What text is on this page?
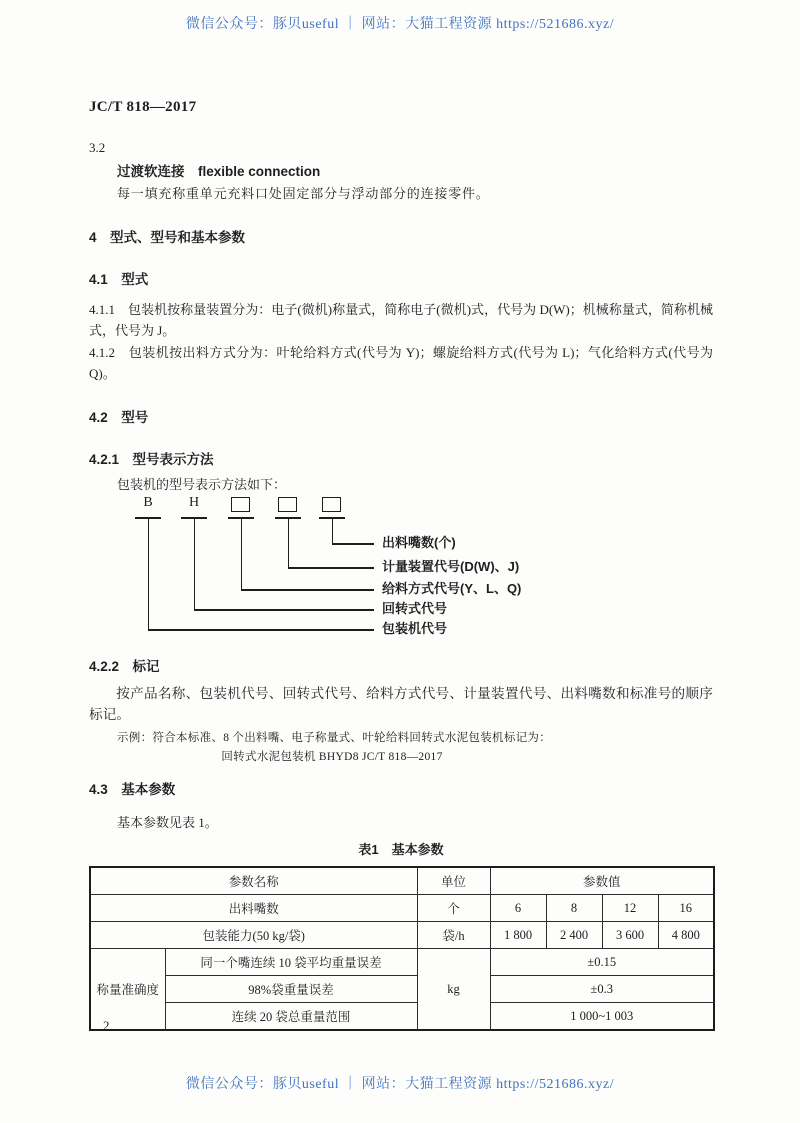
微信公众号：豚贝useful ｜ 网站：大猫工程资源 https://521686.xyz/
JC/T 818—2017
3.2
过渡软连接　flexible connection
每一填充称重单元充料口处固定部分与浮动部分的连接零件。
4　型式、型号和基本参数
4.1　型式
4.1.1　包装机按称量装置分为：电子(微机)称量式，简称电子(微机)式，代号为 D(W)；机械称量式，简称机械式，代号为 J。
4.1.2　包装机按出料方式分为：叶轮给料方式(代号为 Y)；螺旋给料方式(代号为 L)；气化给料方式(代号为 Q)。
4.2　型号
4.2.1　型号表示方法
包装机的型号表示方法如下：
B	H
出料嘴数(个)
计量装置代号(D(W)、J)
给料方式代号(Y、L、Q)
回转式代号
包装机代号
4.2.2　标记
按产品名称、包装机代号、回转式代号、给料方式代号、计量装置代号、出料嘴数和标准号的顺序标记。
示例：符合本标准、8 个出料嘴、电子称量式、叶轮给料回转式水泥包装机标记为：
回转式水泥包装机 BHYD8 JC/T 818—2017
4.3　基本参数
基本参数见表 1。
表1　基本参数
参数名称		单位	参数值			
出料嘴数		个	6	8	12	16
包装能力(50 kg/袋)		袋/h	1 800	2 400	3 600	4 800
称量准确度	同一个嘴连续 10 袋平均重量误差	kg	±0.15			
	98%袋重量误差		±0.3			
	连续 20 袋总重量范围		1 000~1 003			
2
微信公众号：豚贝useful ｜ 网站：大猫工程资源 https://521686.xyz/
